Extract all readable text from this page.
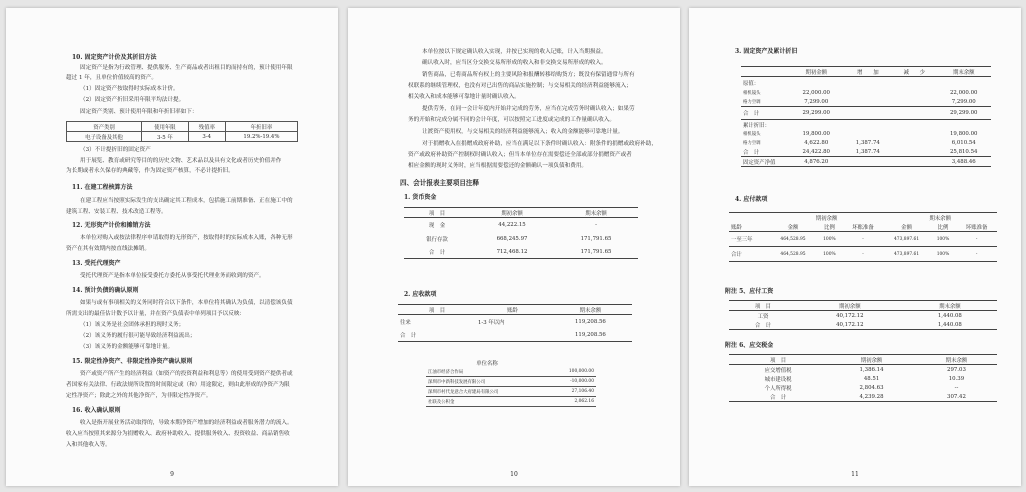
10. 固定资产计价及其折旧方法
固定资产是指为行政管理、提供服务、生产商品或者出租目的而持有的，预计使用年限
超过 1 年，且单位价值较高的资产。
（1）固定资产按取得时实际成本计价。
（2）固定资产折旧采用年限平均法计提。
固定资产类别、预计使用年限和年折旧率如下：
资产类别	使用年限	残值率	年折旧率
电子设备及其他	3-5 年	3-4	19.2%-19.4%
（3）不计提折旧的固定资产
用于展览、教育或研究等目的的历史文物、艺术品以及具有文化或者历史价值并作
为长期或者永久保存的典藏等，作为固定资产核算，不必计提折旧。
11. 在建工程核算方法
在建工程应当按照实际发生的支出确定其工程成本，包括施工前期准备、正在施工中的
建筑工程、安装工程、技术改造工程等。
12. 无形资产计价和摊销方法
本单位对购入或按法律程序申请取得的无形资产，按取得时的实际成本入账，各种无形
资产在其有效期内按直线法摊销。
13. 受托代理资产
受托代理资产是指本单位接受委托方委托从事受托代理业务而收到的资产。
14. 预计负债的确认原则
如果与或有事项相关的义务同时符合以下条件，本单位将其确认为负债，以清偿该负债
所需支出的最佳估计数予以计量，并在资产负债表中单列项目予以反映：
（1）该义务是社会团体承担的现时义务；
（2）该义务的履行很可能导致经济利益流出；
（3）该义务的金额能够可靠地计量。
15. 限定性净资产、非限定性净资产确认原则
资产或资产所产生的经济利益（如资产的投资利益和利息等）的使用受到资产提供者或
者国家有关法律、行政法规所设置的时间限定或（和）用途限定，则由此形成的净资产为限
定性净资产；除此之外的其他净资产，为非限定性净资产。
16. 收入确认原则
收入是指开展业务活动取得的，导致本期净资产增加的经济利益或者服务潜力的流入。
收入应当按照其来源分为捐赠收入、政府补助收入、提供服务收入、投资收益、商品销售收
入和其他收入等。
9
本单位按以下规定确认收入实现，并按已实现的收入记账，计入当期损益。
确认收入时，应当区分交换交易所形成的收入和非交换交易所形成的收入。
销售商品，已将商品所有权上的主要风险和报酬转移给购货方；既没有保留通常与所有
权联系的继续管理权，也没有对已出售的商品实施控制；与交易相关的经济利益能够流入；
相关收入和成本能够可靠地计量时确认收入。
提供劳务，在同一会计年度内开始并完成的劳务，应当在完成劳务时确认收入；如果劳
务的开始和完成分属不同的会计年度，可以按照完工进度或完成的工作量确认收入。
让渡资产使用权，与交易相关的经济利益能够流入；收入的金额能够可靠地计量。
对于捐赠收入在捐赠成政府补助，应当在满足以下条件时确认收入：附条件的捐赠或政府补助，
资产或政府补助资产控制权时确认收入；但当本单位存在需要偿还全部或部分捐赠资产或者
相应金额的现时义务时，应当根据需要偿还的金额确认一项负债和费用。
四、会计报表主要项目注释
1. 货币资金
项　目	期初余额	期末余额
现　金	44,222.15	-
银行存款	668,245.97	171,791.65
合　计	712,468.12	171,791.65
2. 应收款项
项　目	账龄	期末余额
往来	1-3 年以内	119,208.56
合　计		119,208.56
单位名称	
江油市经济合作局	100,000.00
深圳市中新科技发展有限公司	-10,000.00
深圳市村代龙意合大府建局有限公司	27,106.40
社联及公积金	2,062.16
10
3. 固定资产及累计折旧
	期初金额	增　　加	减　　少	期末余额
原值：				
相机镜头	22,000.00			22,000.00
格力空调	7,299.00			7,299.00
合　计	29,299.00			29,299.00
累计折旧：				
相机镜头	19,800.00			19,800.00
格力空调	4,622.80	1,387.74		6,010.54
合　计	24,422.80	1,387.74		25,810.54
固定资产净值	4,876.20			3,488.46
4. 应付款项
	期初余额			期末余额		
账龄	金额	比例	坏账准备	金额	比例	坏账准备
一至三年	464,528.95	100%	-	473,897.61	100%	-
合计	464,528.95	100%	-	473,897.61	100%	-
附注 5、应付工资
项　目	期初余额	期末余额
工资	40,172.12	1,440.08
合　计	40,172.12	1,440.08
附注 6、应交税金
项　目	期初余额	期末余额
应交增值税	1,386.14	297.03
城市建设税	48.51	10.39
个人所得税	2,804.63	--
合　计	4,239.28	307.42
11
